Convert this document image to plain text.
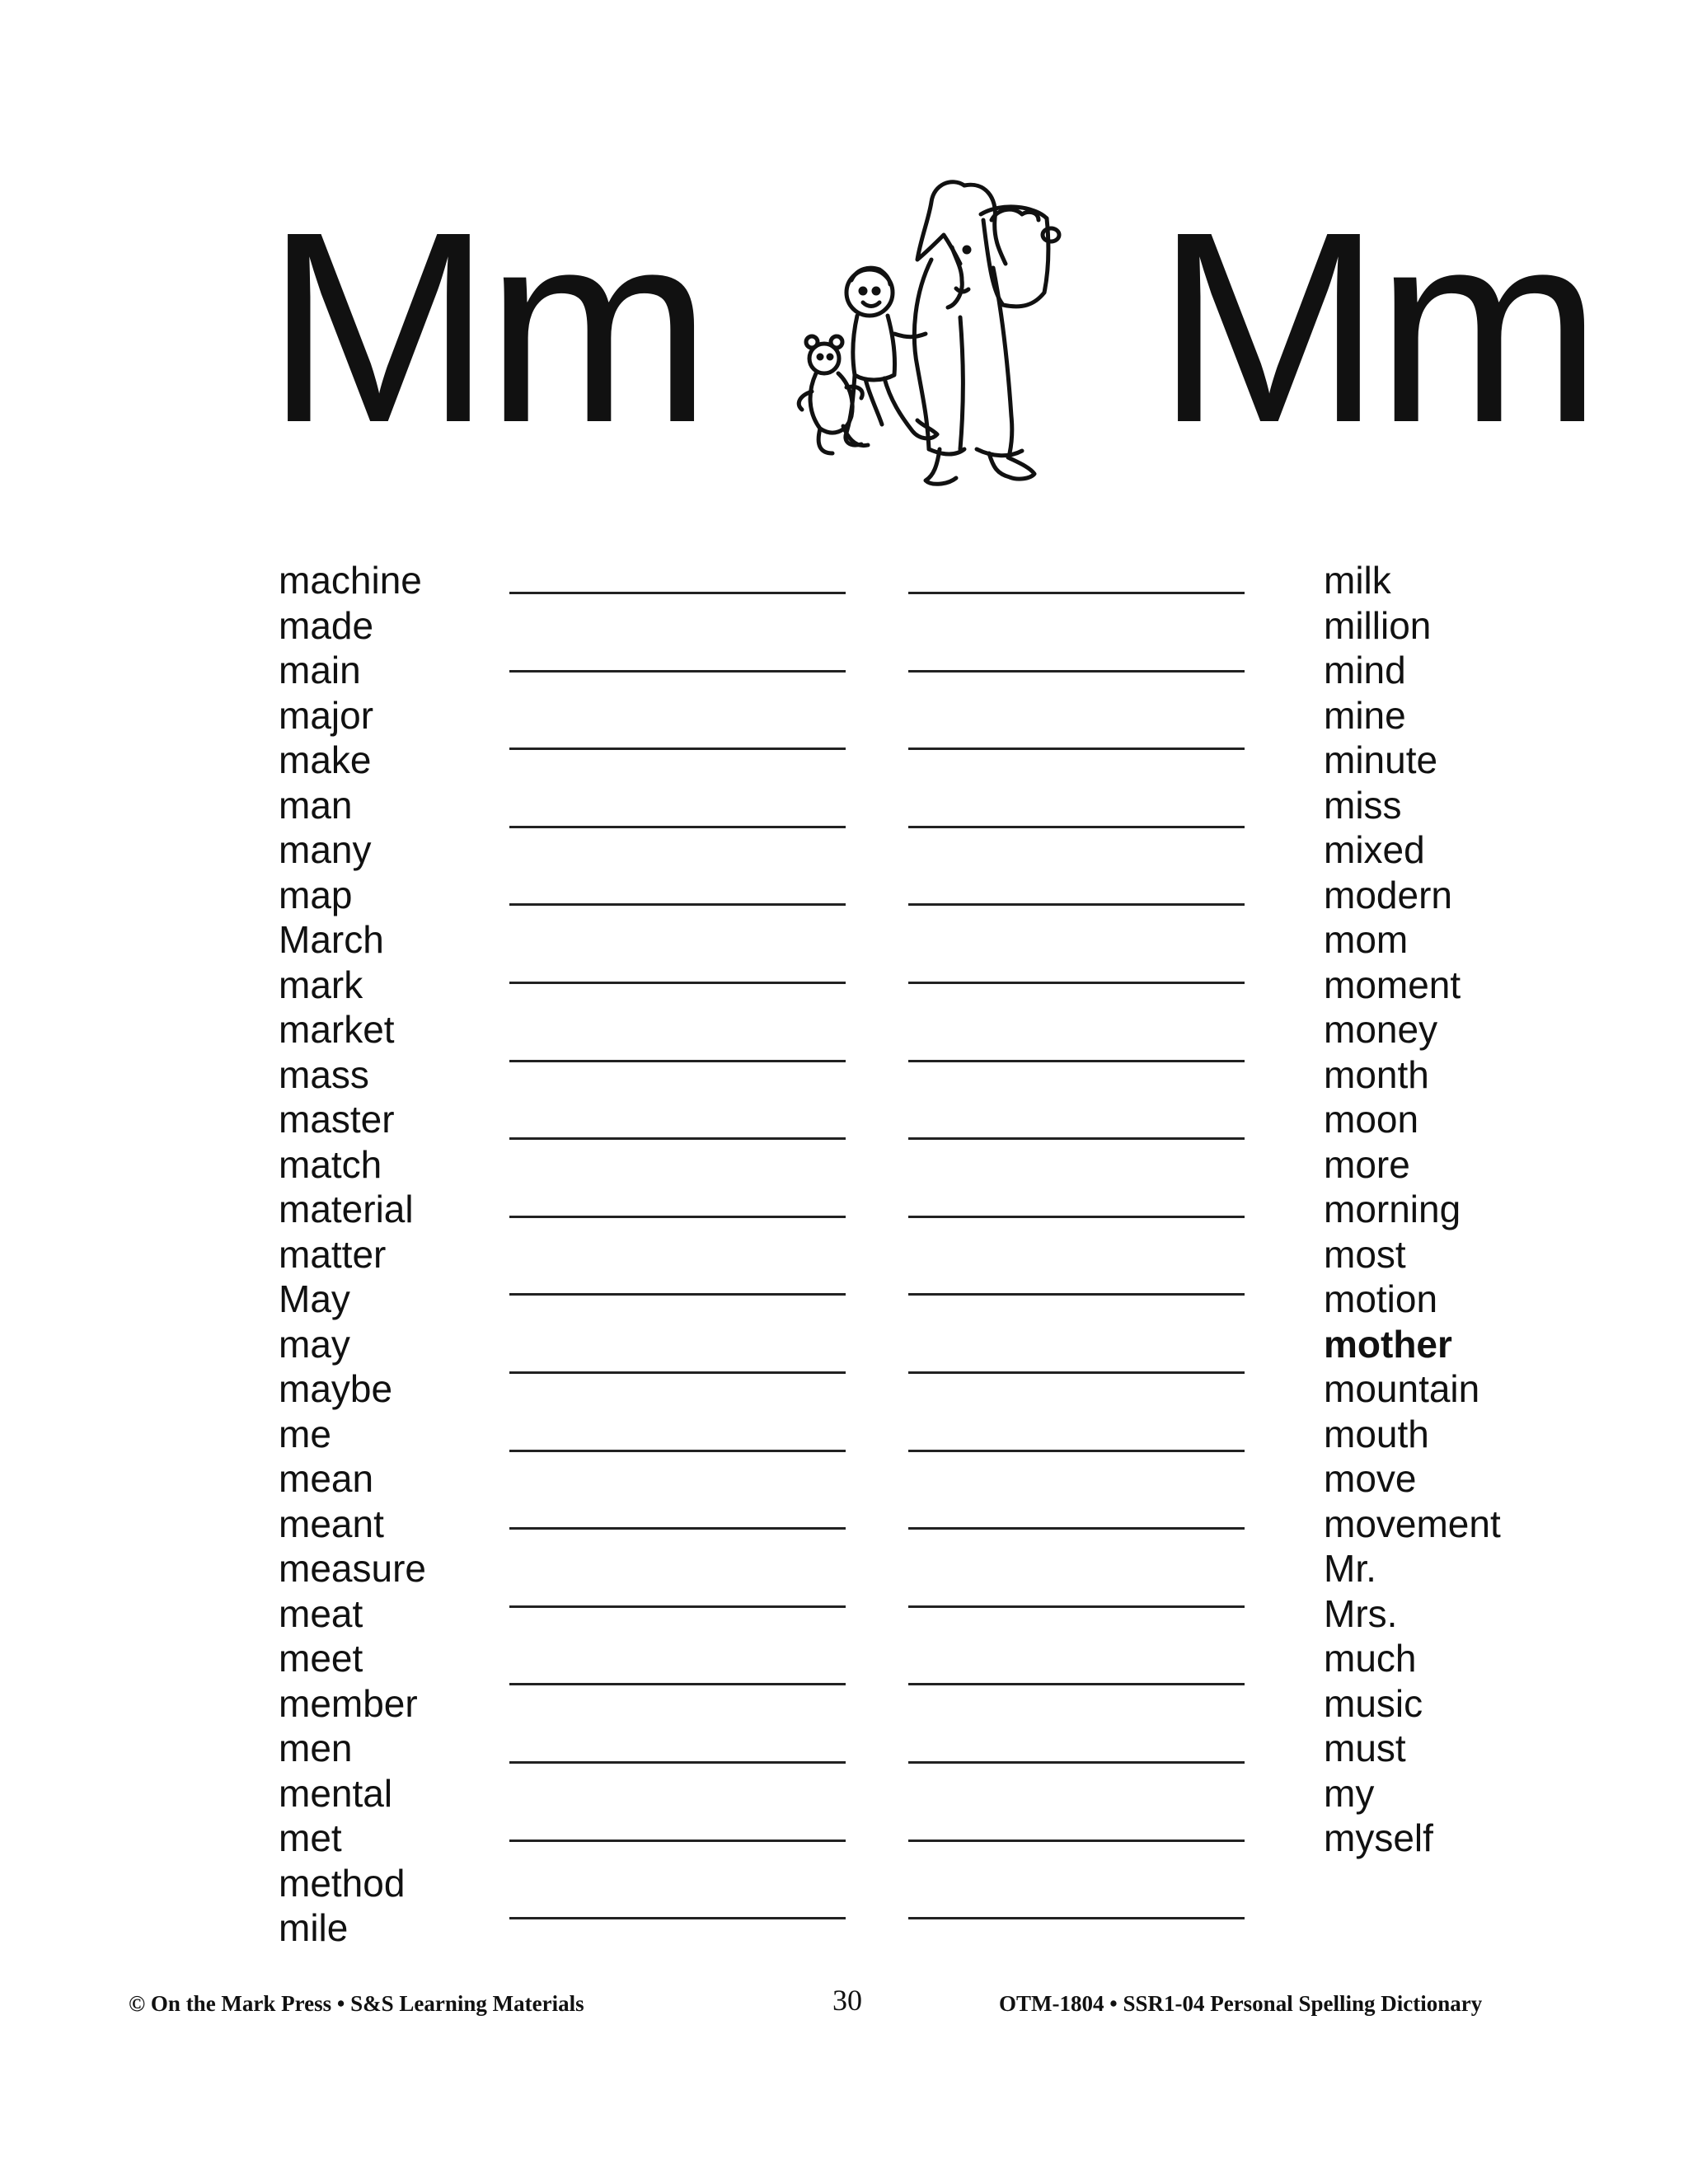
Mm Mm
machine
made
main
major
make
man
many
map
March
mark
market
mass
master
match
material
matter
May
may
maybe
me
mean
meant
measure
meat
meet
member
men
mental
met
method
mile
milk
million
mind
mine
minute
miss
mixed
modern
mom
moment
money
month
moon
more
morning
most
motion
mother
mountain
mouth
move
movement
Mr.
Mrs.
much
music
must
my
myself
© On the Mark Press • S&S Learning Materials	30	OTM-1804 • SSR1-04 Personal Spelling Dictionary
